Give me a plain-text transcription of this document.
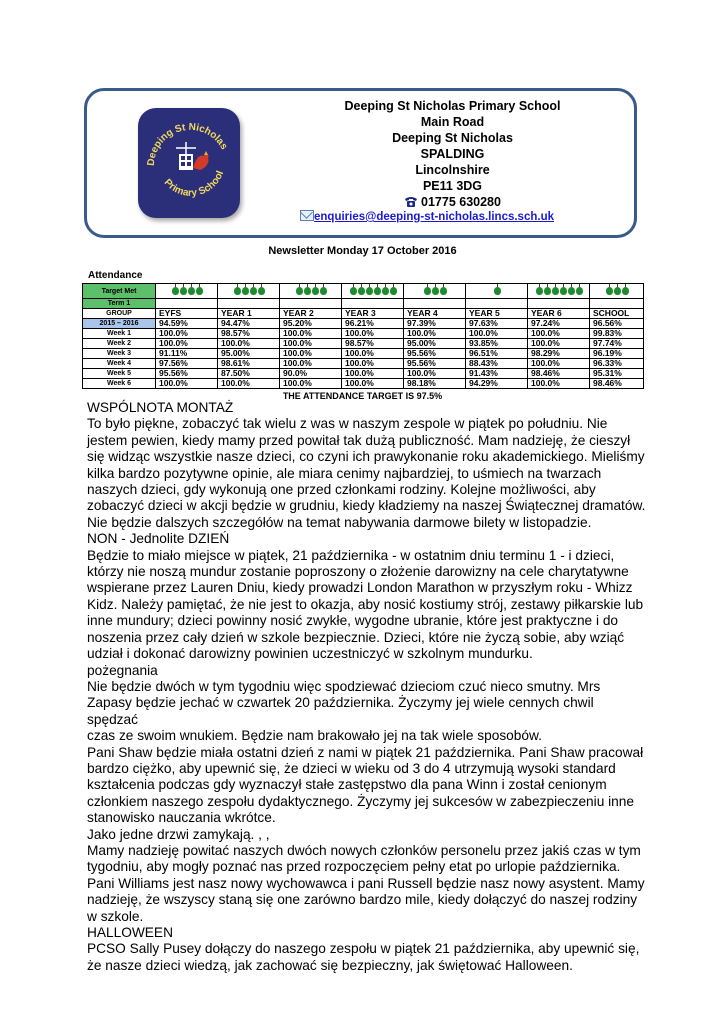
Deeping St Nicholas
Primary School
Deeping St Nicholas Primary School
Main Road
Deeping St Nicholas
SPALDING
Lincolnshire
PE11 3DG
01775 630280
enquiries@deeping-st-nicholas.lincs.sch.uk
Newsletter Monday 17 October 2016
Attendance
Target Met								
Term 1								
GROUP	EYFS	YEAR 1	YEAR 2	YEAR 3	YEAR 4	YEAR 5	YEAR 6	SCHOOL
2015 – 2016	94.59%	94.47%	95.20%	96.21%	97.39%	97.63%	97.24%	96.56%
Week 1	100.0%	98.57%	100.0%	100.0%	100.0%	100.0%	100.0%	99.83%
Week 2	100.0%	100.0%	100.0%	98.57%	95.00%	93.85%	100.0%	97.74%
Week 3	91.11%	95.00%	100.0%	100.0%	95.56%	96.51%	98.29%	96.19%
Week 4	97.56%	98.61%	100.0%	100.0%	95.56%	88.43%	100.0%	96.33%
Week 5	95.56%	87.50%	90.0%	100.0%	100.0%	91.43%	98.46%	95.31%
Week 6	100.0%	100.0%	100.0%	100.0%	98.18%	94.29%	100.0%	98.46%
THE ATTENDANCE TARGET IS 97.5%

WSPÓLNOTA MONTAŻ

To było piękne, zobaczyć tak wielu z was w naszym zespole w piątek po południu. Nie

jestem pewien, kiedy mamy przed powitał tak dużą publiczność. Mam nadzieję, że cieszył

się widząc wszystkie nasze dzieci, co czyni ich prawykonanie roku akademickiego. Mieliśmy

kilka bardzo pozytywne opinie, ale miara cenimy najbardziej, to uśmiech na twarzach

naszych dzieci, gdy wykonują one przed członkami rodziny. Kolejne możliwości, aby

zobaczyć dzieci w akcji będzie w grudniu, kiedy kładziemy na naszej Świątecznej dramatów.

Nie będzie dalszych szczegółów na temat nabywania darmowe bilety w listopadzie.

NON - Jednolite DZIEŃ

Będzie to miało miejsce w piątek, 21 października - w ostatnim dniu terminu 1 - i dzieci,

którzy nie noszą mundur zostanie poproszony o złożenie darowizny na cele charytatywne

wspierane przez Lauren Dniu, kiedy prowadzi London Marathon w przyszłym roku - Whizz

Kidz. Należy pamiętać, że nie jest to okazja, aby nosić kostiumy strój, zestawy piłkarskie lub

inne mundury; dzieci powinny nosić zwykłe, wygodne ubranie, które jest praktyczne i do

noszenia przez cały dzień w szkole bezpiecznie. Dzieci, które nie życzą sobie, aby wziąć

udział i dokonać darowizny powinien uczestniczyć w szkolnym mundurku.

pożegnania

Nie będzie dwóch w tym tygodniu więc spodziewać dzieciom czuć nieco smutny. Mrs

Zapasy będzie jechać w czwartek 20 października. Życzymy jej wiele cennych chwil spędzać

czas ze swoim wnukiem. Będzie nam brakowało jej na tak wiele sposobów.

Pani Shaw będzie miała ostatni dzień z nami w piątek 21 października. Pani Shaw pracował

bardzo ciężko, aby upewnić się, że dzieci w wieku od 3 do 4 utrzymują wysoki standard

kształcenia podczas gdy wyznaczył stałe zastępstwo dla pana Winn i został cenionym

członkiem naszego zespołu dydaktycznego. Życzymy jej sukcesów w zabezpieczeniu inne

stanowisko nauczania wkrótce.

Jako jedne drzwi zamykają. , ,

Mamy nadzieję powitać naszych dwóch nowych członków personelu przez jakiś czas w tym

tygodniu, aby mogły poznać nas przed rozpoczęciem pełny etat po urlopie października.

Pani Williams jest nasz nowy wychowawca i pani Russell będzie nasz nowy asystent. Mamy

nadzieję, że wszyscy staną się one zarówno bardzo mile, kiedy dołączyć do naszej rodziny

w szkole.

HALLOWEEN

PCSO Sally Pusey dołączy do naszego zespołu w piątek 21 października, aby upewnić się,

że nasze dzieci wiedzą, jak zachować się bezpieczny, jak świętować Halloween.
